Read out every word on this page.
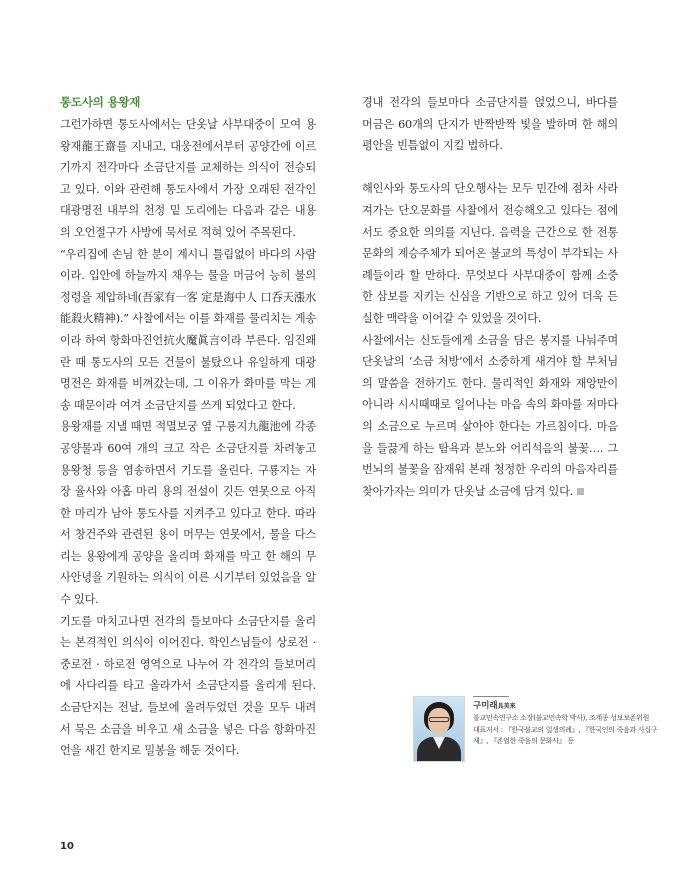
통도사의 용왕재

그런가하면 통도사에서는 단옷날 사부대중이 모여 용왕재龍王齋를 지내고, 대웅전에서부터 공양간에 이르기까지 전각마다 소금단지를 교체하는 의식이 전승되고 있다. 이와 관련해 통도사에서 가장 오래된 전각인 대광명전 내부의 천정 밑 도리에는 다음과 같은 내용의 오언절구가 사방에 묵서로 적혀 있어 주목된다.

“우리집에 손님 한 분이 계시니 틀림없이 바다의 사람이라. 입안에 하늘까지 채우는 물을 머금어 능히 불의 정령을 제압하네(吾家有一客 定是海中人 口呑天漲水 能殺火精神).” 사찰에서는 이를 화재를 물리치는 게송이라 하여 항화마진언抗火魔眞言이라 부른다. 임진왜란 때 통도사의 모든 건물이 불탔으나 유일하게 대광명전은 화재를 비껴갔는데, 그 이유가 화마를 막는 게송 때문이라 여겨 소금단지를 쓰게 되었다고 한다.

용왕재를 지낼 때면 적멸보궁 옆 구룡지九龍池에 각종 공양물과 60여 개의 크고 작은 소금단지를 차려놓고 용왕청 등을 염송하면서 기도를 올린다. 구룡지는 자장 율사와 아홉 마리 용의 전설이 깃든 연못으로 아직 한 마리가 남아 통도사를 지켜주고 있다고 한다. 따라서 창건주와 관련된 용이 머무는 연못에서, 물을 다스리는 용왕에게 공양을 올리며 화재를 막고 한 해의 무사안녕을 기원하는 의식이 이른 시기부터 있었음을 알 수 있다.

기도를 마치고나면 전각의 들보마다 소금단지를 올리는 본격적인 의식이 이어진다. 학인스님들이 상로전 · 중로전 · 하로전 영역으로 나누어 각 전각의 들보머리에 사다리를 타고 올라가서 소금단지를 올리게 된다. 소금단지는 전날, 들보에 올려두었던 것을 모두 내려서 묵은 소금을 비우고 새 소금을 넣은 다음 항화마진언을 새긴 한지로 밀봉을 해둔 것이다.

경내 전각의 들보마다 소금단지를 얹었으니, 바다를 머금은 60개의 단지가 반짝반짝 빛을 발하며 한 해의 평안을 빈틈없이 지킬 법하다.

해인사와 통도사의 단오행사는 모두 민간에 점차 사라져가는 단오문화를 사찰에서 전승해오고 있다는 점에서도 중요한 의의를 지닌다. 음력을 근간으로 한 전통문화의 계승주체가 되어온 불교의 특성이 부각되는 사례들이라 할 만하다. 무엇보다 사부대중이 함께 소중한 삼보를 지키는 신심을 기반으로 하고 있어 더욱 든실한 맥락을 이어갈 수 있었을 것이다.

사찰에서는 신도들에게 소금을 담은 봉지를 나눠주며 단옷날의 ‘소금 처방’에서 소중하게 새겨야 할 부처님의 말씀을 전하기도 한다. 물리적인 화재와 재앙만이 아니라 시시때때로 일어나는 마음 속의 화마를 저마다의 소금으로 누르며 살아야 한다는 가르침이다. 마음을 들끓게 하는 탐욕과 분노와 어리석음의 불꽃…. 그 번뇌의 불꽃을 잠재워 본래 청정한 우리의 마음자리를 찾아가자는 의미가 단옷날 소금에 담겨 있다.

구미래具美來
불교민속연구소 소장(불교민속학 박사), 조계종 성보보존위원
대표저서 : 『한국불교의 일생의례』, 『한국인의 죽음과 사십구재』, 『존엄한 죽음의 문화사』 등
10
